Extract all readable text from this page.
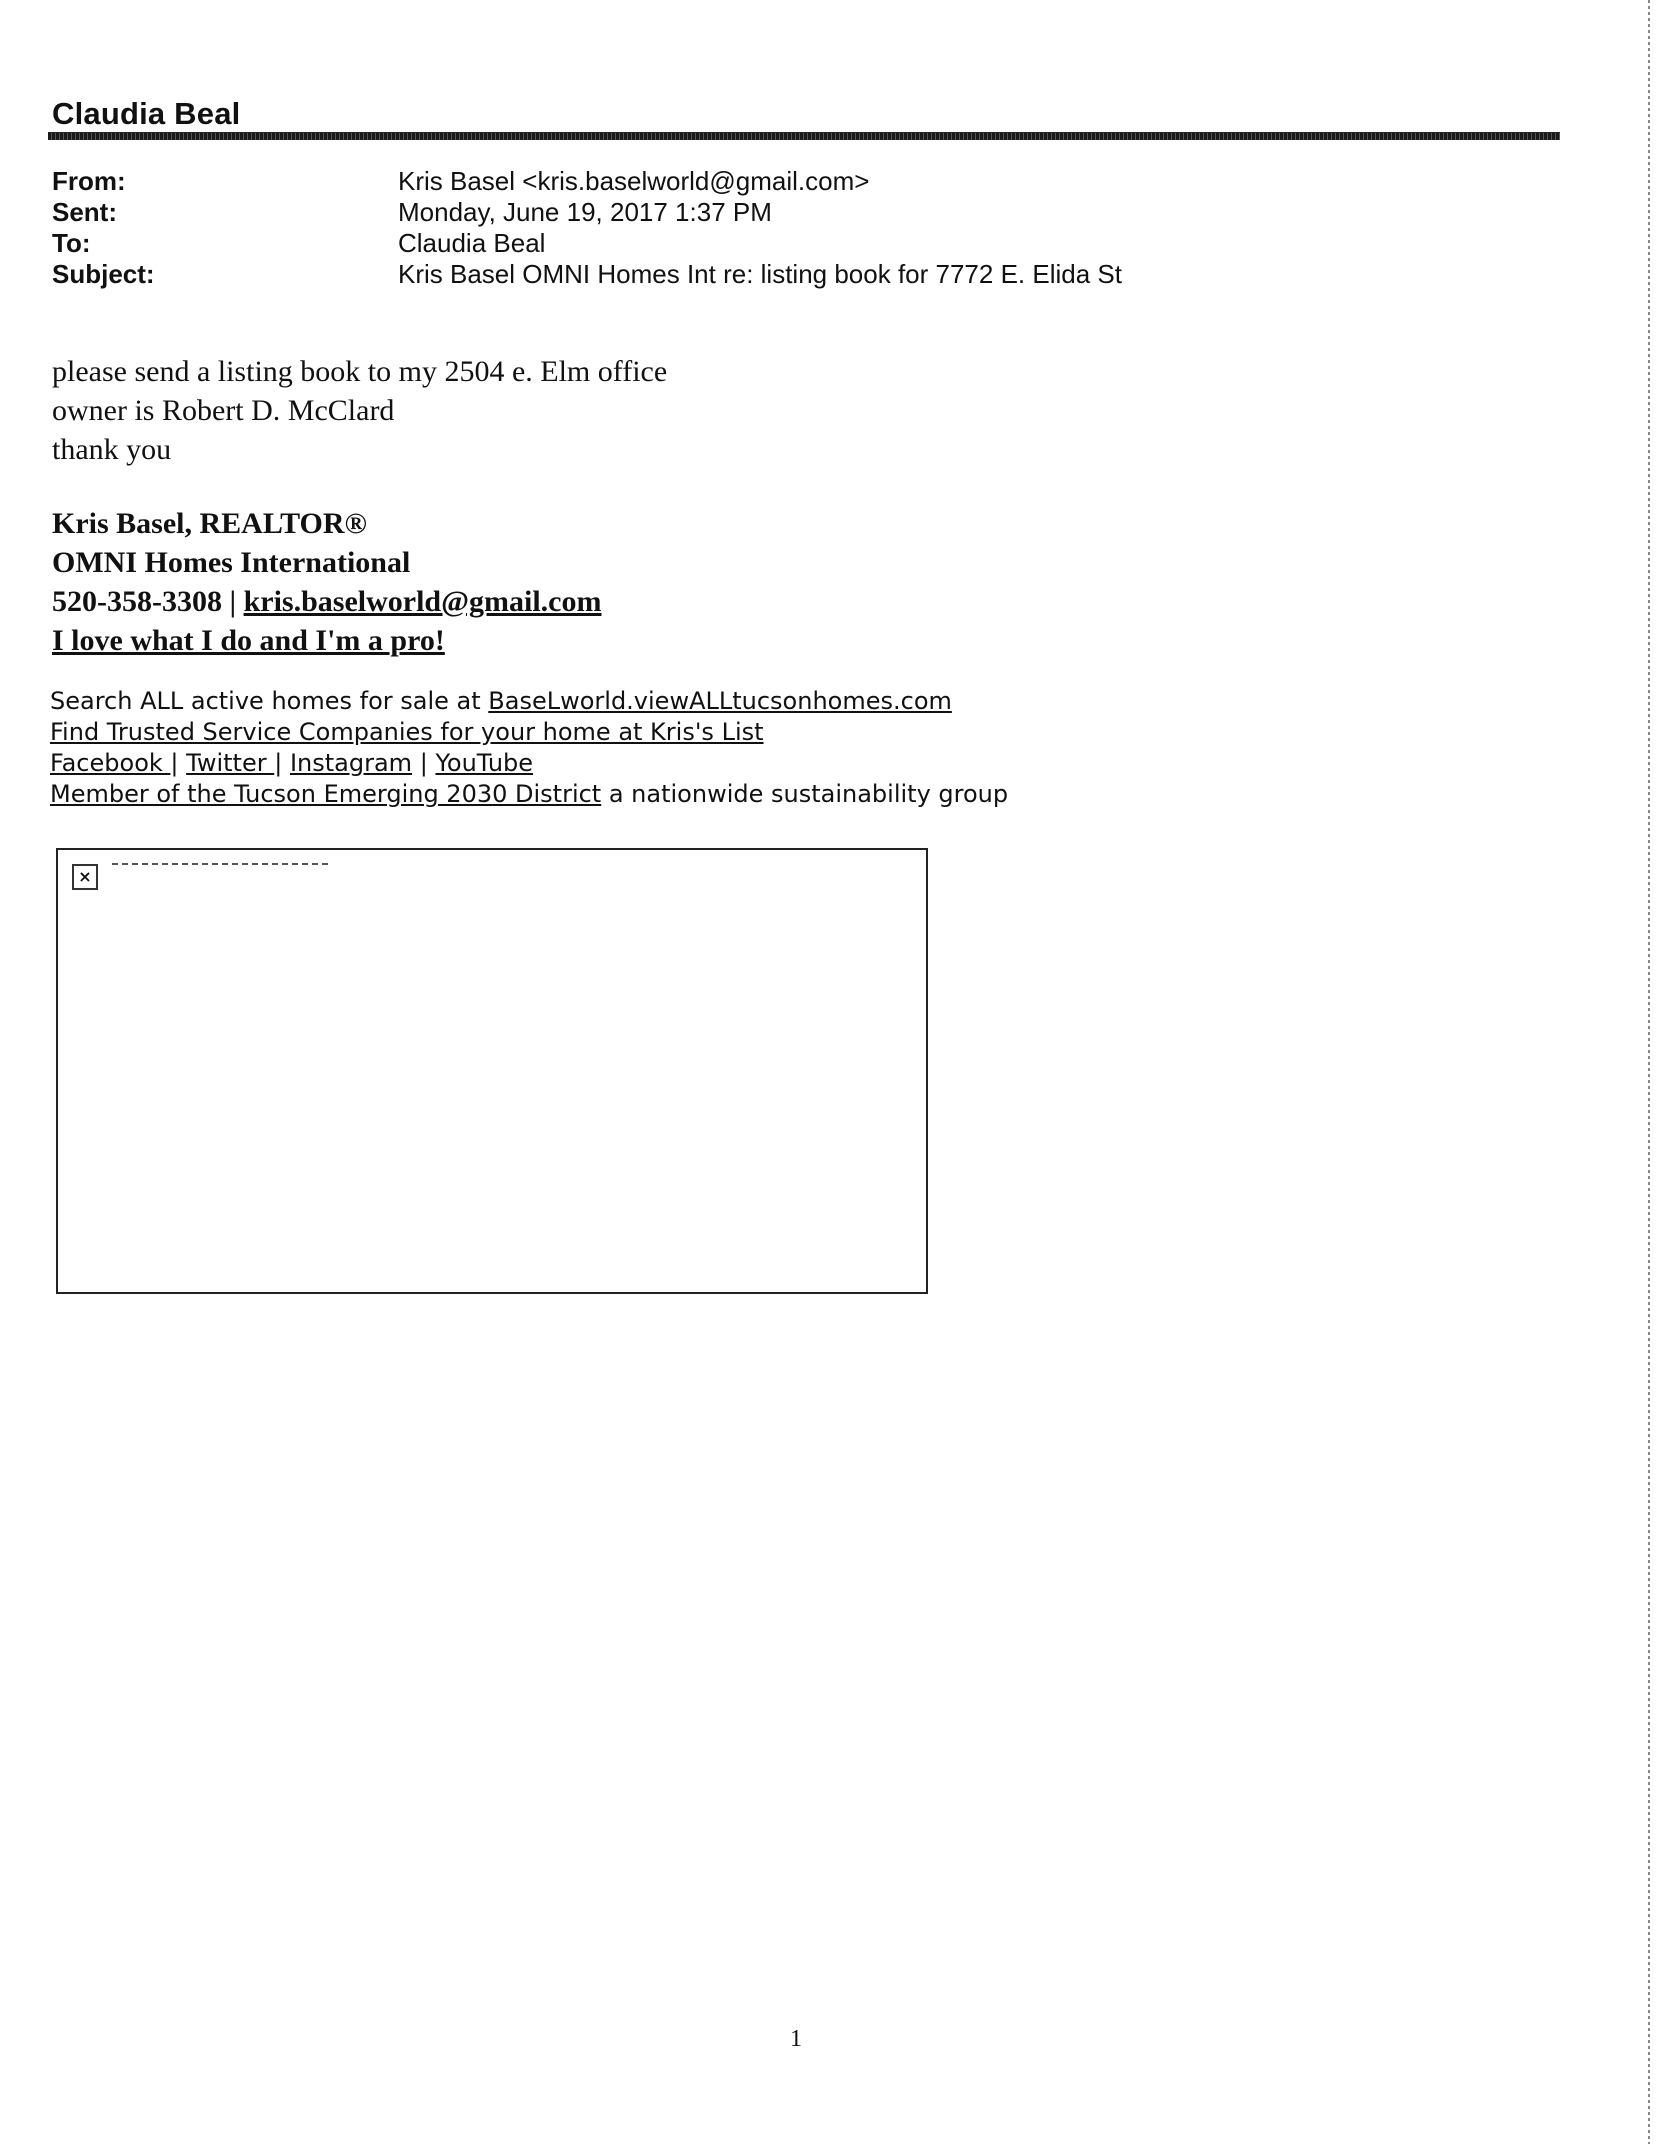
Claudia Beal
From:	Kris Basel <kris.baselworld@gmail.com>
Sent:	Monday, June 19, 2017 1:37 PM
To:	Claudia Beal
Subject:	Kris Basel OMNI Homes Int re: listing book for 7772 E. Elida St
please send a listing book to my 2504 e. Elm office
owner is Robert D. McClard
thank you
Kris Basel, REALTOR®
OMNI Homes International
520-358-3308 | kris.baselworld@gmail.com
I love what I do and I'm a pro!
Search ALL active homes for sale at BaseLworld.viewALLtucsonhomes.com
Find Trusted Service Companies for your home at Kris's List
Facebook | Twitter | Instagram | YouTube
Member of the Tucson Emerging 2030 District a nationwide sustainability group
×
1
